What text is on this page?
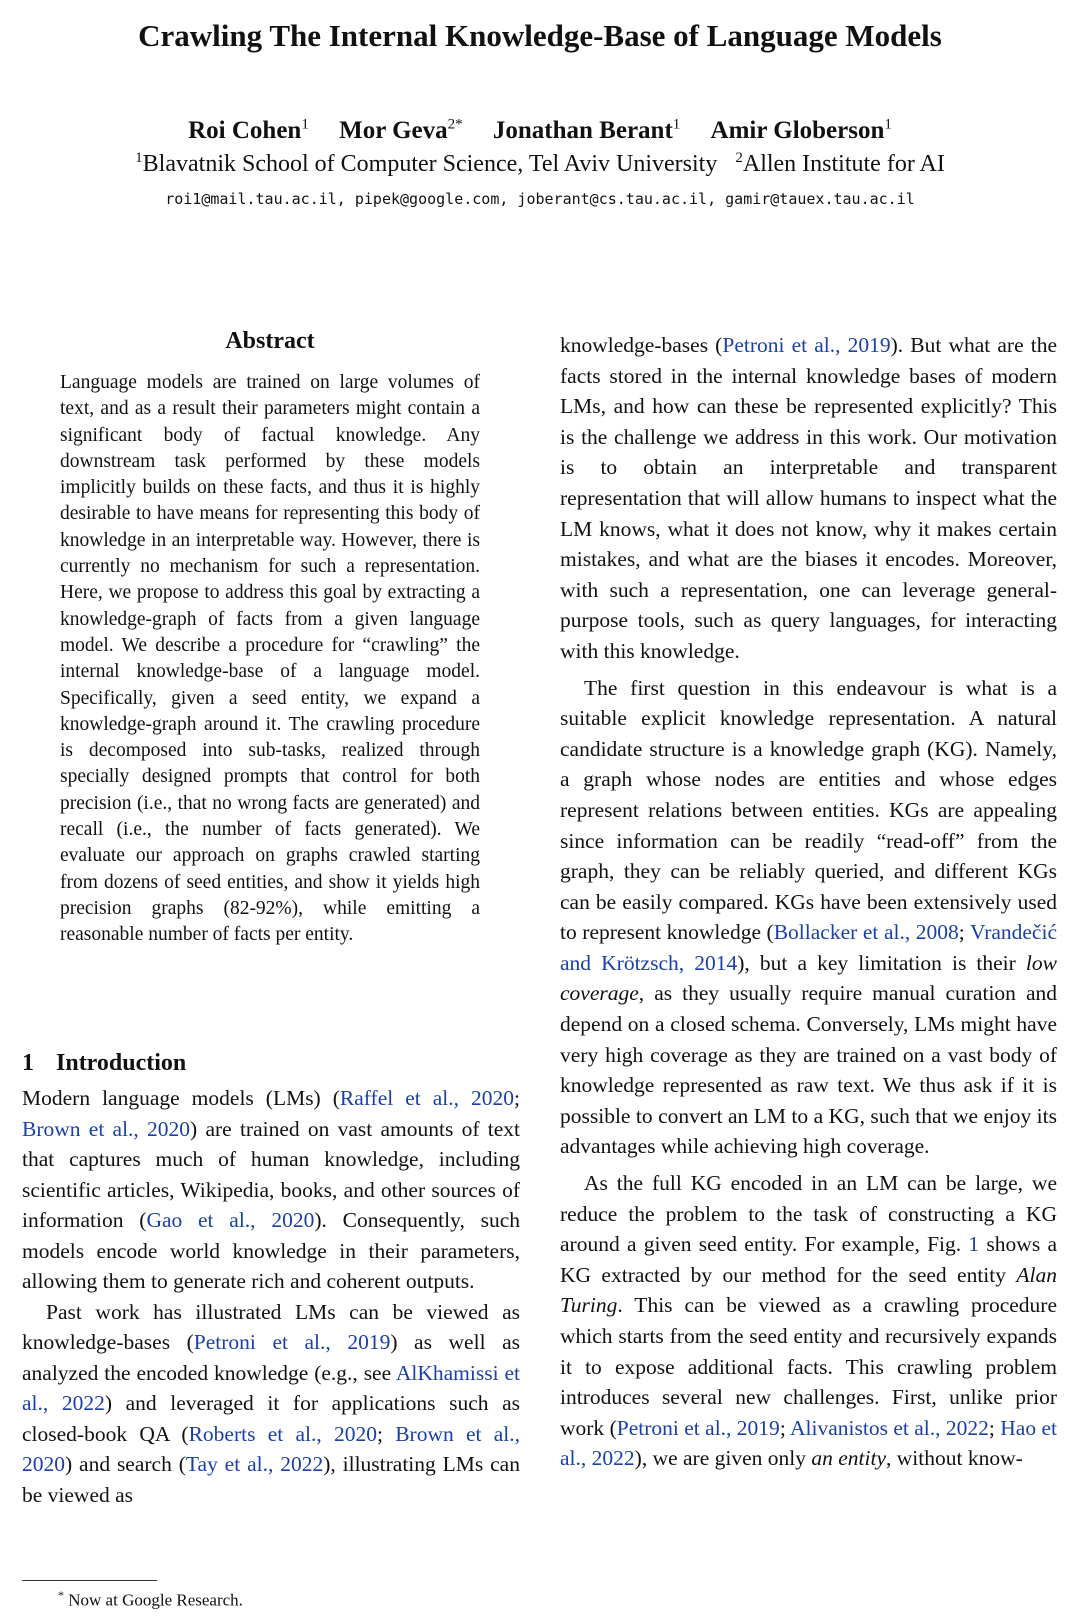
Crawling The Internal Knowledge-Base of Language Models
Roi Cohen$^1$ Mor Geva$^{2*}$ Jonathan Berant$^1$ Amir Globerson$^1$
$^1$Blavatnik School of Computer Science, Tel Aviv University $^2$Allen Institute for AI
roi1@mail.tau.ac.il, pipek@google.com, joberant@cs.tau.ac.il, gamir@tauex.tau.ac.il
Abstract
Language models are trained on large volumes of text, and as a result their parameters might contain a significant body of factual knowledge. Any downstream task performed by these models implicitly builds on these facts, and thus it is highly desirable to have means for representing this body of knowledge in an interpretable way. However, there is currently no mechanism for such a representation. Here, we propose to address this goal by extracting a knowledge-graph of facts from a given language model. We describe a procedure for “crawling” the internal knowledge-base of a language model. Specifically, given a seed entity, we expand a knowledge-graph around it. The crawling procedure is decomposed into sub-tasks, realized through specially designed prompts that control for both precision (i.e., that no wrong facts are generated) and recall (i.e., the number of facts generated). We evaluate our approach on graphs crawled starting from dozens of seed entities, and show it yields high precision graphs (82-92%), while emitting a reasonable number of facts per entity.
1 Introduction

Modern language models (LMs) (Raffel et al., 2020; Brown et al., 2020) are trained on vast amounts of text that captures much of human knowledge, including scientific articles, Wikipedia, books, and other sources of information (Gao et al., 2020). Consequently, such models encode world knowledge in their parameters, allowing them to generate rich and coherent outputs.

Past work has illustrated LMs can be viewed as knowledge-bases (Petroni et al., 2019) as well as analyzed the encoded knowledge (e.g., see AlKhamissi et al., 2022) and leveraged it for applications such as closed-book QA (Roberts et al., 2020; Brown et al., 2020) and search (Tay et al., 2022), illustrating LMs can be viewed as

knowledge-bases (Petroni et al., 2019). But what are the facts stored in the internal knowledge bases of modern LMs, and how can these be represented explicitly? This is the challenge we address in this work. Our motivation is to obtain an interpretable and transparent representation that will allow humans to inspect what the LM knows, what it does not know, why it makes certain mistakes, and what are the biases it encodes. Moreover, with such a representation, one can leverage general-purpose tools, such as query languages, for interacting with this knowledge.

The first question in this endeavour is what is a suitable explicit knowledge representation. A natural candidate structure is a knowledge graph (KG). Namely, a graph whose nodes are entities and whose edges represent relations between entities. KGs are appealing since information can be readily “read-off” from the graph, they can be reliably queried, and different KGs can be easily compared. KGs have been extensively used to represent knowledge (Bollacker et al., 2008; Vrandečić and Krötzsch, 2014), but a key limitation is their low coverage, as they usually require manual curation and depend on a closed schema. Conversely, LMs might have very high coverage as they are trained on a vast body of knowledge represented as raw text. We thus ask if it is possible to convert an LM to a KG, such that we enjoy its advantages while achieving high coverage.

As the full KG encoded in an LM can be large, we reduce the problem to the task of constructing a KG around a given seed entity. For example, Fig. 1 shows a KG extracted by our method for the seed entity Alan Turing. This can be viewed as a crawling procedure which starts from the seed entity and recursively expands it to expose additional facts. This crawling problem introduces several new challenges. First, unlike prior work (Petroni et al., 2019; Alivanistos et al., 2022; Hao et al., 2022), we are given only an entity, without know-

* Now at Google Research.
